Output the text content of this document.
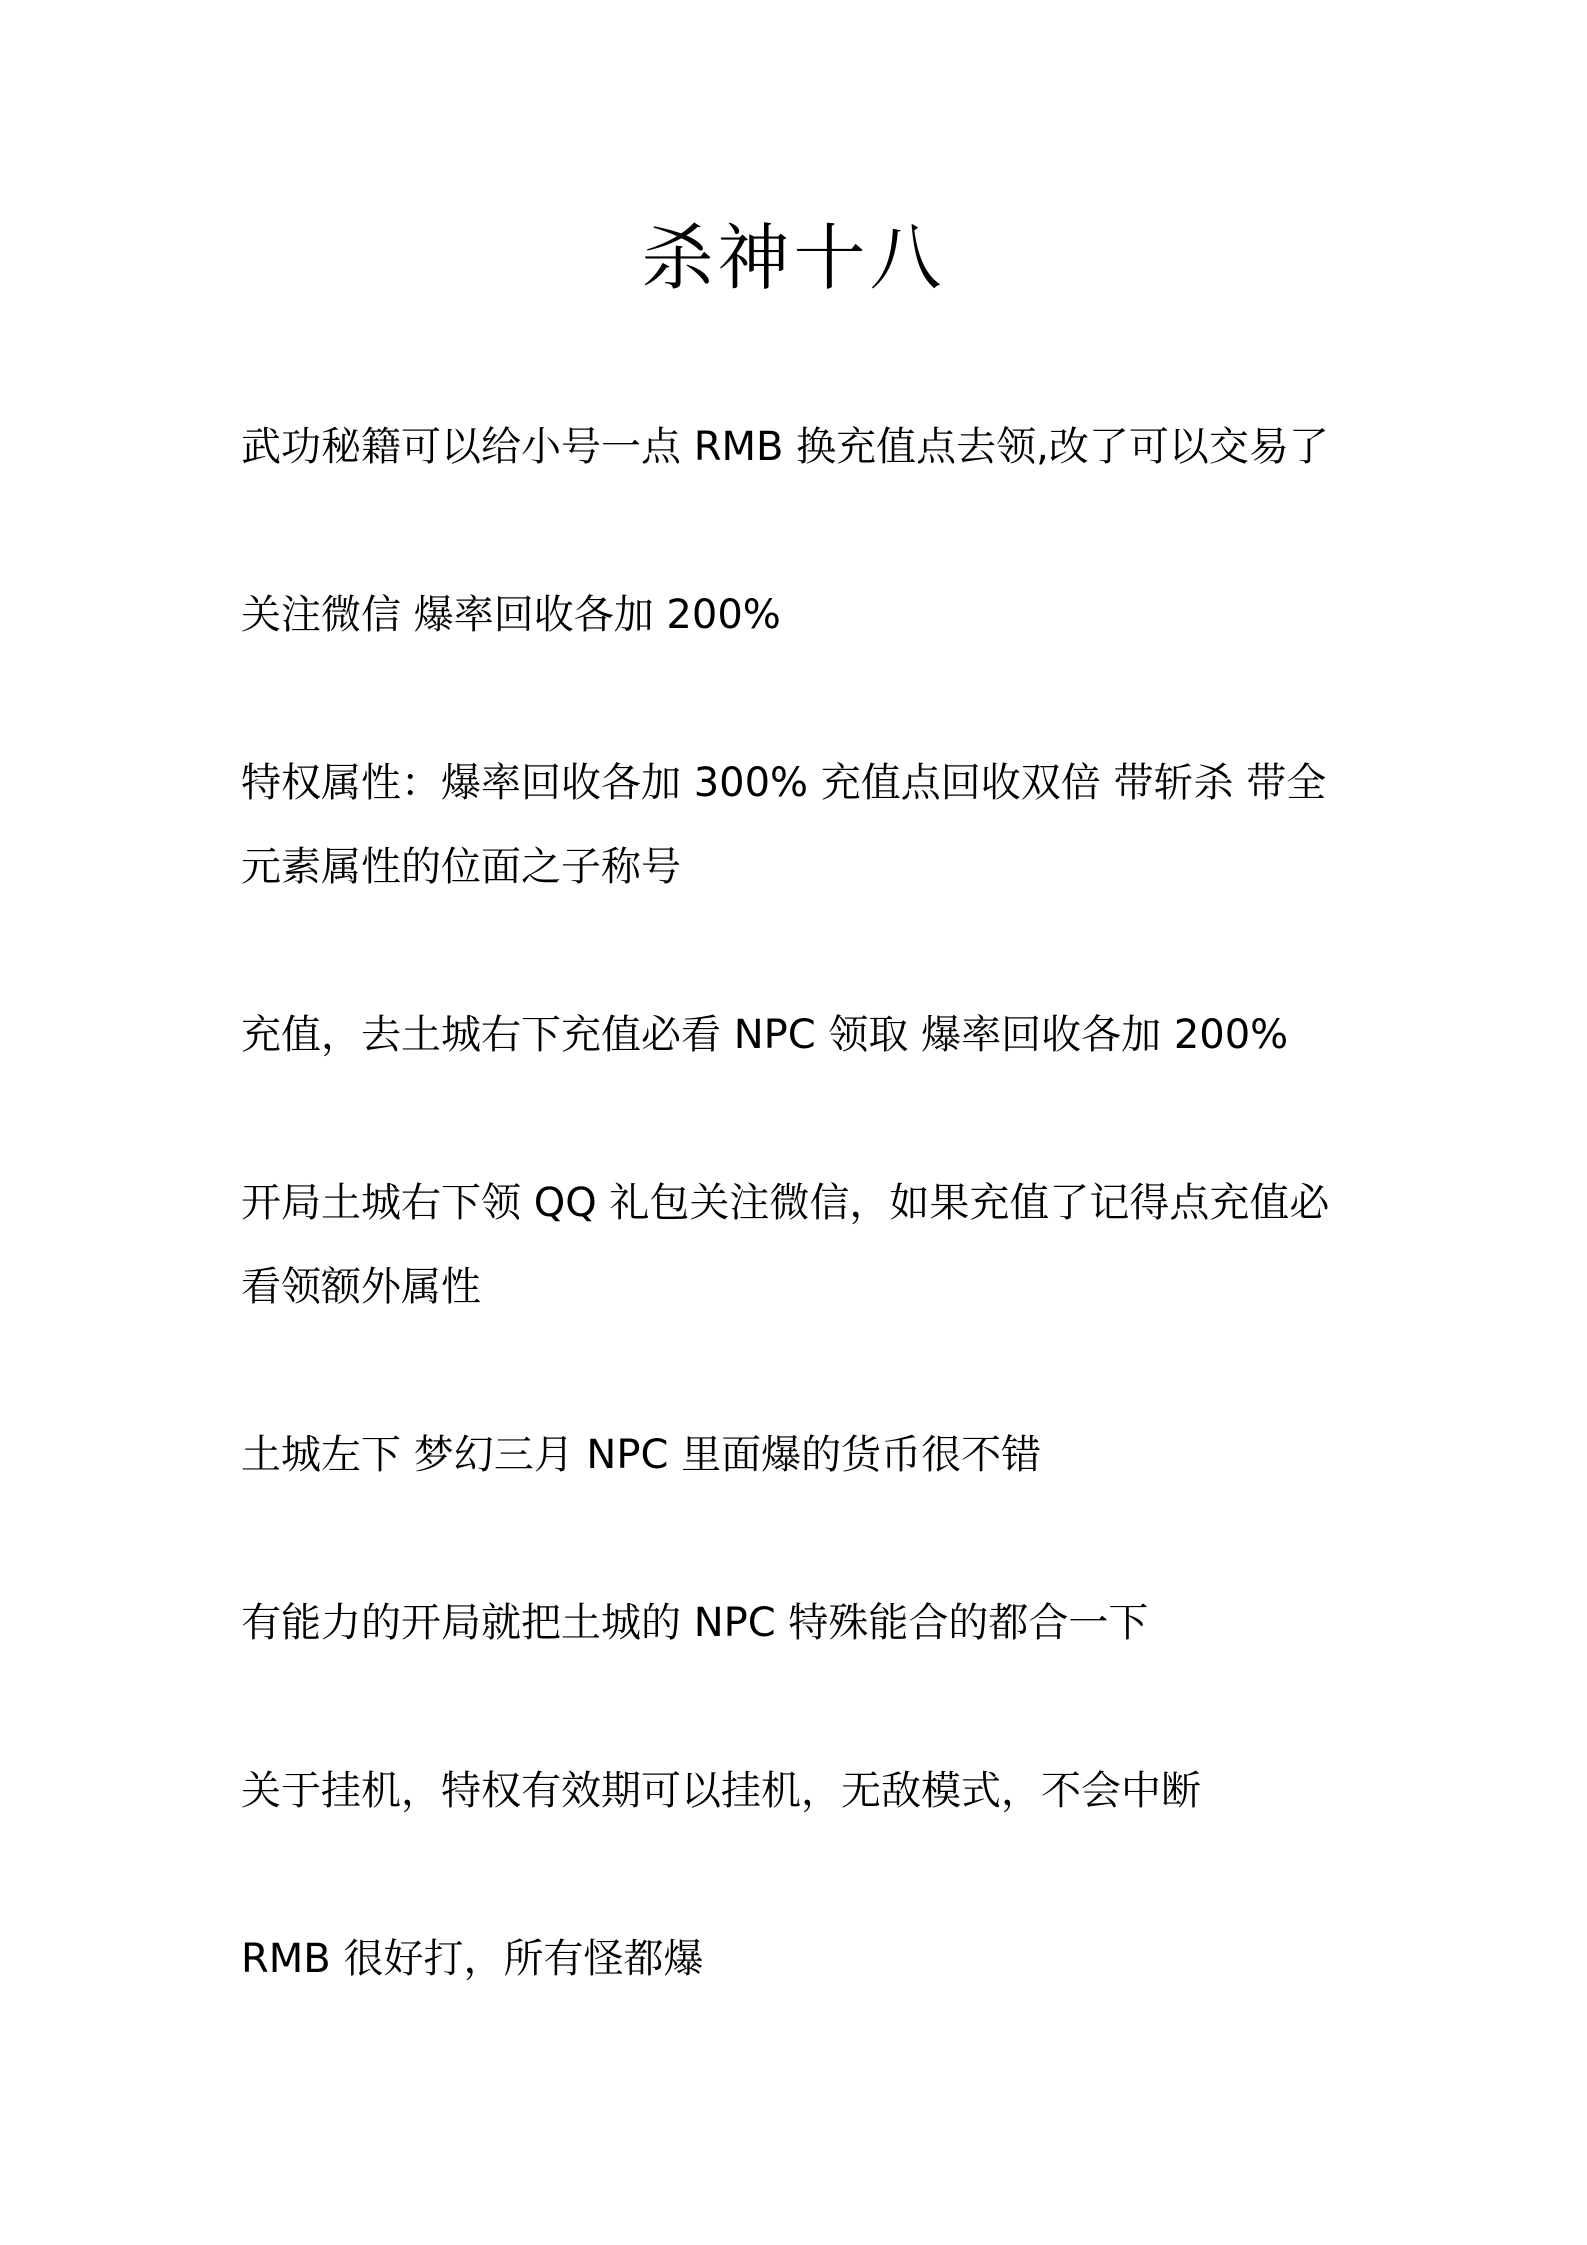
杀神十八

武功秘籍可以给小号一点 RMB 换充值点去领,改了可以交易了

关注微信 爆率回收各加 200%

特权属性：爆率回收各加 300% 充值点回收双倍 带斩杀 带全元素属性的位面之子称号

充值，去土城右下充值必看 NPC 领取 爆率回收各加 200%

开局土城右下领 QQ 礼包关注微信，如果充值了记得点充值必看领额外属性

土城左下 梦幻三月 NPC 里面爆的货币很不错

有能力的开局就把土城的 NPC 特殊能合的都合一下

关于挂机，特权有效期可以挂机，无敌模式，不会中断

RMB 很好打，所有怪都爆
